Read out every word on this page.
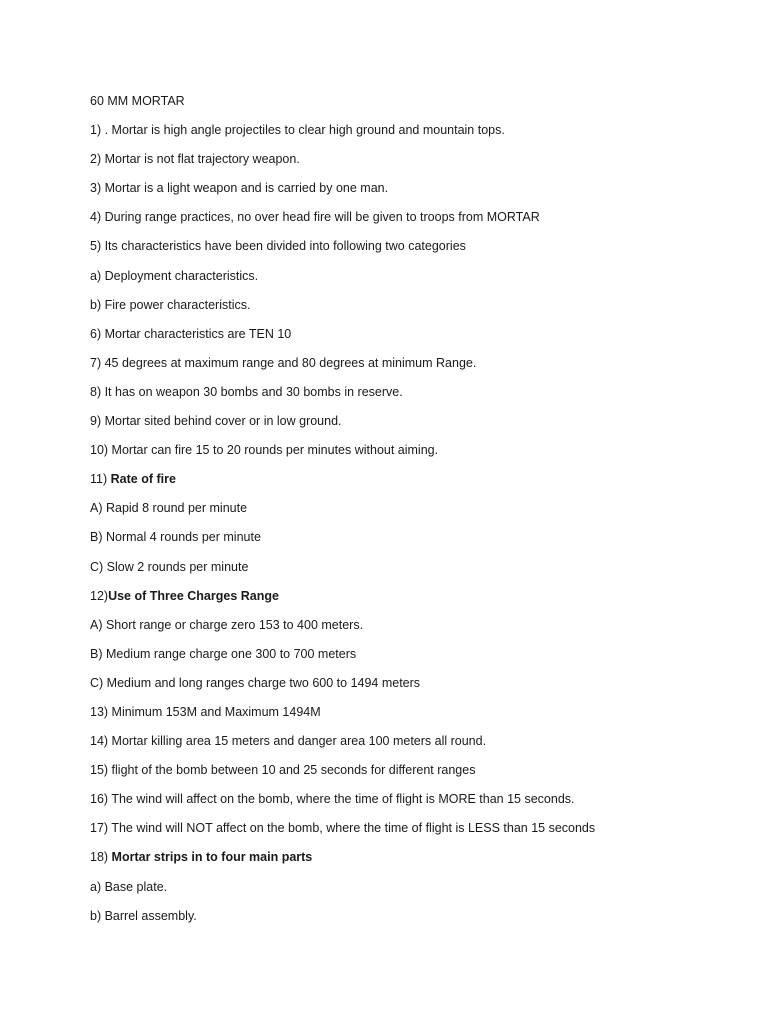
60 MM MORTAR
1) . Mortar is high angle projectiles to clear high ground and mountain tops.
2) Mortar is not flat trajectory weapon.
3) Mortar is a light weapon and is carried by one man.
4) During range practices, no over head fire will be given to troops from MORTAR
5) Its characteristics have been divided into following two categories
a) Deployment characteristics.
b) Fire power characteristics.
6) Mortar characteristics are TEN 10
7) 45 degrees at maximum range and 80 degrees at minimum Range.
8) It has on weapon 30 bombs and 30 bombs in reserve.
9) Mortar sited behind cover or in low ground.
10) Mortar can fire 15 to 20 rounds per minutes without aiming.
11) Rate of fire
A) Rapid 8 round per minute
B) Normal 4 rounds per minute
C) Slow 2 rounds per minute
12)Use of Three Charges Range
A) Short range or charge zero 153 to 400 meters.
B) Medium range charge one 300 to 700 meters
C) Medium and long ranges charge two 600 to 1494 meters
13) Minimum 153M and Maximum 1494M
14) Mortar killing area 15 meters and danger area 100 meters all round.
15) flight of the bomb between 10 and 25 seconds for different ranges
16) The wind will affect on the bomb, where the time of flight is MORE than 15 seconds.
17) The wind will NOT affect on the bomb, where the time of flight is LESS than 15 seconds
18) Mortar strips in to four main parts
a) Base plate.
b) Barrel assembly.
